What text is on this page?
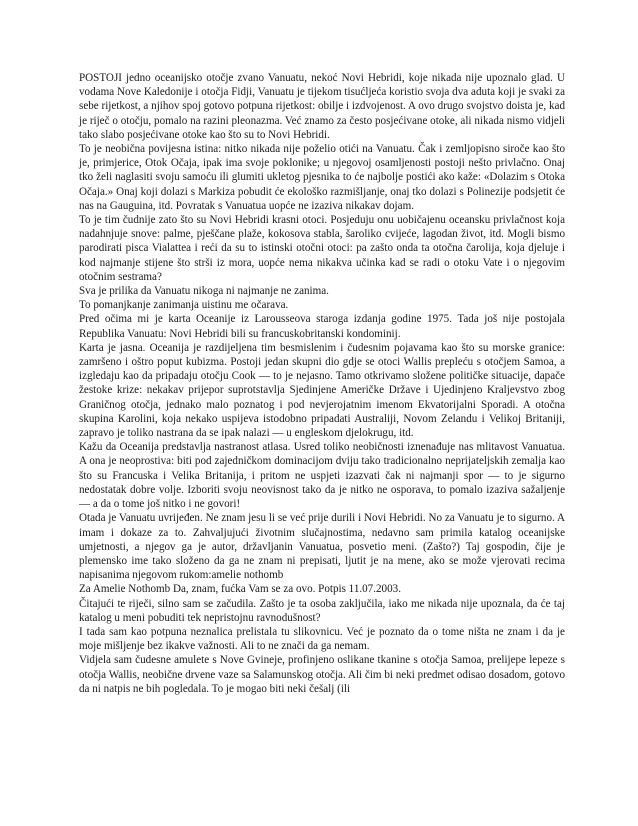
POSTOJI jedno oceanijsko otočje zvano Vanuatu, nekoć Novi Hebridi, koje nikada nije upoznalo glad. U vodama Nove Kaledonije i otočja Fidji, Vanuatu je tijekom tisućljeća koristio svoja dva aduta koji je svaki za sebe rijetkost, a njihov spoj gotovo potpuna rijetkost: obilje i izdvojenost. A ovo drugo svojstvo doista je, kad je riječ o otočju, pomalo na razini pleonazma. Već znamo za često posjećivane otoke, ali nikada nismo vidjeli tako slabo posjećivane otoke kao što su to Novi Hebridi.

To je neobična povijesna istina: nitko nikada nije poželio otići na Vanuatu. Čak i zemljopisno siroče kao što je, primjerice, Otok Očaja, ipak ima svoje poklonike; u njegovoj osamljenosti postoji nešto privlačno. Onaj tko želi naglasiti svoju samoću ili glumiti ukletog pjesnika to će najbolje postići ako kaže: «Dolazim s Otoka Očaja.» Onaj koji dolazi s Markiza pobudit će ekološko razmišljanje, onaj tko dolazi s Polinezije podsjetit će nas na Gauguina, itd. Povratak s Vanuatua uopće ne izaziva nikakav dojam.

To je tim čudnije zato što su Novi Hebridi krasni otoci. Posjeduju onu uobičajenu oceansku privlačnost koja nadahnjuje snove: palme, pješčane plaže, kokosova stabla, šaroliko cvijeće, lagodan život, itd. Mogli bismo parodirati pisca Vialattea i reći da su to istinski otočni otoci: pa zašto onda ta otočna čarolija, koja djeluje i kod najmanje stijene što strši iz mora, uopće nema nikakva učinka kad se radi o otoku Vate i o njegovim otočnim sestrama?

Sva je prilika da Vanuatu nikoga ni najmanje ne zanima.

To pomanjkanje zanimanja uistinu me očarava.

Pred očima mi je karta Oceanije iz Larousseova staroga izdanja godine 1975. Tada još nije postojala Republika Vanuatu: Novi Hebridi bili su francuskobritanski kondominij.

Karta je jasna. Oceanija je razdijeljena tim besmislenim i čudesnim pojavama kao što su morske granice: zamršeno i oštro poput kubizma. Postoji jedan skupni dio gdje se otoci Wallis prepleću s otočjem Samoa, a izgledaju kao da pripadaju otočju Cook — to je nejasno. Tamo otkrivamo složene političke situacije, dapače žestoke krize: nekakav prijepor suprotstavlja Sjedinjene Američke Države i Ujedinjeno Kraljevstvo zbog Graničnog otočja, jednako malo poznatog i pod nevjerojatnim imenom Ekvatorijalni Sporadi. A otočna skupina Karolini, koja nekako uspijeva istodobno pripadati Australiji, Novom Zelandu i Velikoj Britaniji, zapravo je toliko nastrana da se ipak nalazi — u engleskom djelokrugu, itd.

Kažu da Oceanija predstavlja nastranost atlasa. Usred toliko neobičnosti iznenađuje nas mlitavost Vanuatua. A ona je neoprostiva: biti pod zajedničkom dominacijom dviju tako tradicionalno neprijateljskih zemalja kao što su Francuska i Velika Britanija, i pritom ne uspjeti izazvati čak ni najmanji spor — to je sigurno nedostatak dobre volje. Izboriti svoju neovisnost tako da je nitko ne osporava, to pomalo izaziva sažaljenje — a da o tome još nitko i ne govori!

Otada je Vanuatu uvrijeđen. Ne znam jesu li se već prije durili i Novi Hebridi. No za Vanuatu je to sigurno. A imam i dokaze za to. Zahvaljujući životnim slučajnostima, nedavno sam primila katalog oceanijske umjetnosti, a njegov ga je autor, državljanin Vanuatua, posvetio meni. (Zašto?) Taj gospodin, čije je plemensko ime tako složeno da ga ne znam ni prepisati, ljutit je na mene, ako se može vjerovati recima napisanima njegovom rukom:amelie nothomb

Za Amelie Nothomb Da, znam, fućka Vam se za ovo. Potpis 11.07.2003.

Čitajući te riječi, silno sam se začudila. Zašto je ta osoba zaključila, iako me nikada nije upoznala, da će taj katalog u meni pobuditi tek nepristojnu ravnodušnost?

I tada sam kao potpuna neznalica prelistala tu slikovnicu. Već je poznato da o tome ništa ne znam i da je moje mišljenje bez ikakve važnosti. Ali to ne znači da ga nemam.

Vidjela sam čudesne amulete s Nove Gvineje, profinjeno oslikane tkanine s otočja Samoa, prelijepe lepeze s otočja Wallis, neobične drvene vaze sa Salamunskog otočja. Ali čim bi neki predmet odisao dosadom, gotovo da ni natpis ne bih pogledala. To je mogao biti neki češalj (ili
